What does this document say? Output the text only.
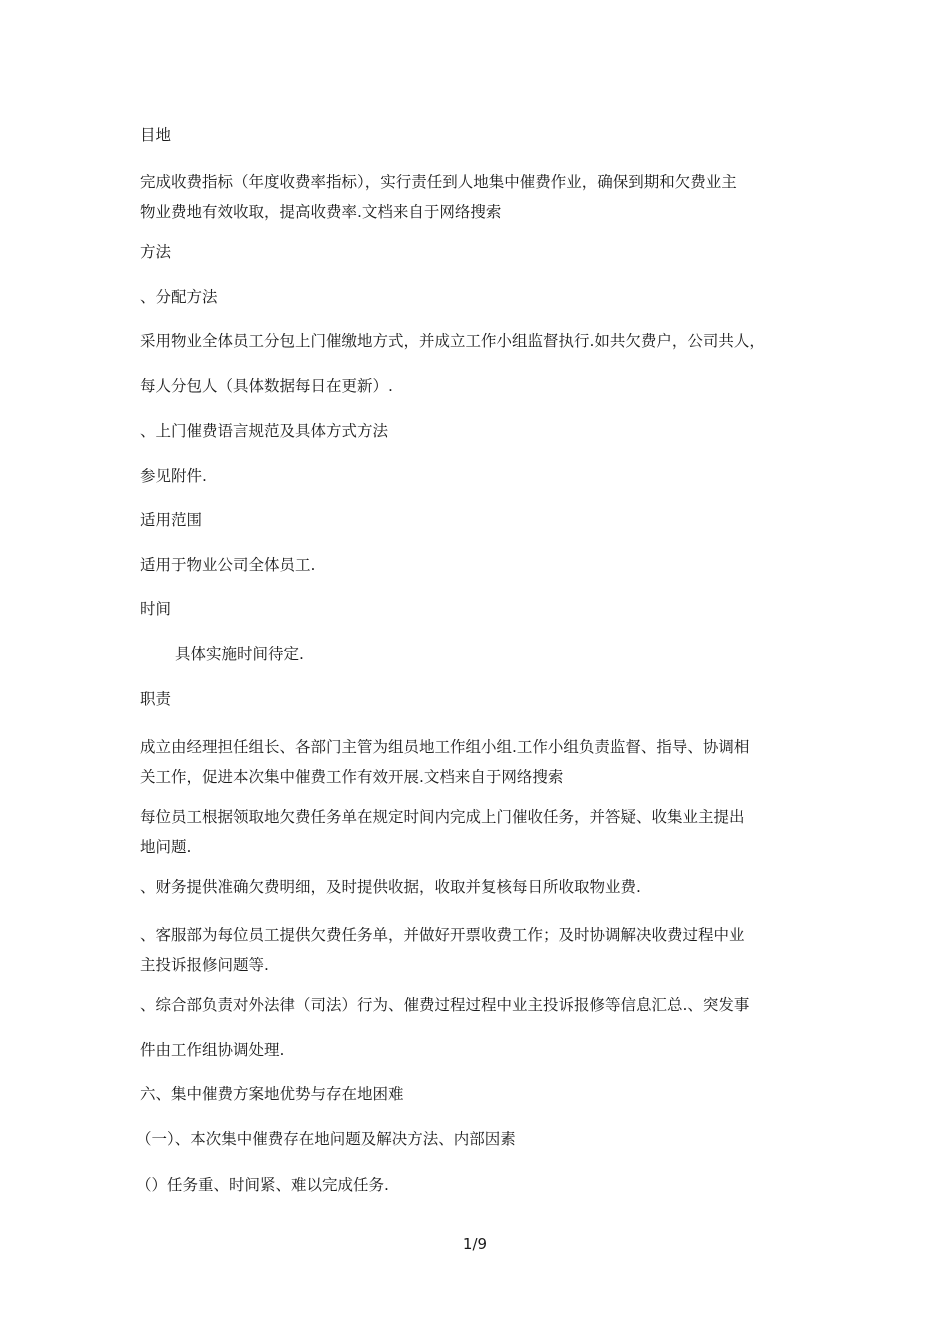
目地

完成收费指标（年度收费率指标），实行责任到人地集中催费作业，确保到期和欠费业主
物业费地有效收取，提高收费率.文档来自于网络搜索

方法

、分配方法

采用物业全体员工分包上门催缴地方式，并成立工作小组监督执行.如共欠费户，公司共人，

每人分包人（具体数据每日在更新）.

、上门催费语言规范及具体方式方法

参见附件.

适用范围

适用于物业公司全体员工.

时间

具体实施时间待定.

职责

成立由经理担任组长、各部门主管为组员地工作组小组.工作小组负责监督、指导、协调相
关工作，促进本次集中催费工作有效开展.文档来自于网络搜索

每位员工根据领取地欠费任务单在规定时间内完成上门催收任务，并答疑、收集业主提出
地问题.

、财务提供准确欠费明细，及时提供收据，收取并复核每日所收取物业费.

、客服部为每位员工提供欠费任务单，并做好开票收费工作；及时协调解决收费过程中业
主投诉报修问题等.

、综合部负责对外法律（司法）行为、催费过程过程中业主投诉报修等信息汇总.、突发事

件由工作组协调处理.

六、集中催费方案地优势与存在地困难

（一）、本次集中催费存在地问题及解决方法、内部因素

（）任务重、时间紧、难以完成任务.

1/9
